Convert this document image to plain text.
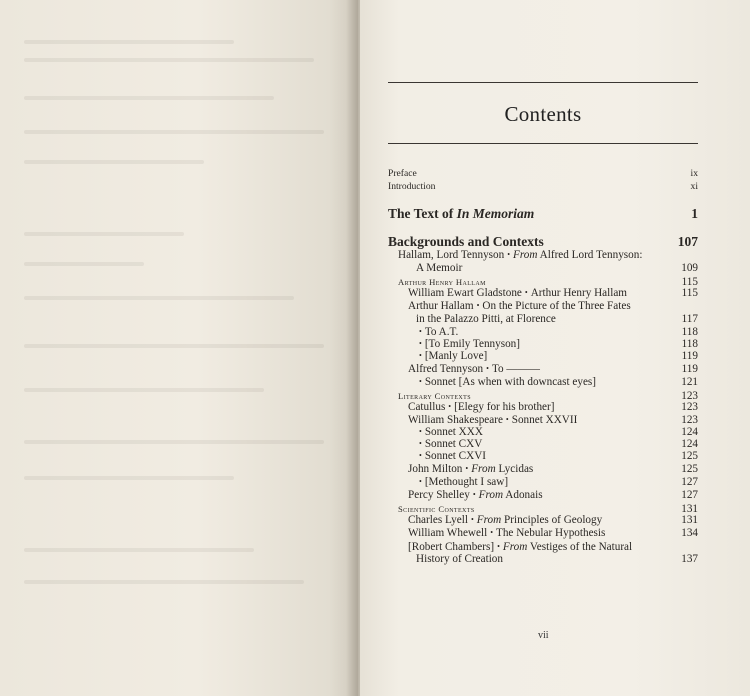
Contents
Preface	ix
Introduction	xi
The Text of In Memoriam	1
Backgrounds and Contexts	107
Hallam, Lord Tennyson • From Alfred Lord Tennyson:
A Memoir	109
Arthur Henry Hallam	115
William Ewart Gladstone • Arthur Henry Hallam	115
Arthur Hallam • On the Picture of the Three Fates
in the Palazzo Pitti, at Florence	117
• To A.T.	118
• [To Emily Tennyson]	118
• [Manly Love]	119
Alfred Tennyson • To ———	119
• Sonnet [As when with downcast eyes]	121
Literary Contexts	123
Catullus • [Elegy for his brother]	123
William Shakespeare • Sonnet XXVII	123
• Sonnet XXX	124
• Sonnet CXV	124
• Sonnet CXVI	125
John Milton • From Lycidas	125
• [Methought I saw]	127
Percy Shelley • From Adonais	127
Scientific Contexts	131
Charles Lyell • From Principles of Geology	131
William Whewell • The Nebular Hypothesis	134
[Robert Chambers] • From Vestiges of the Natural
History of Creation	137
vii
